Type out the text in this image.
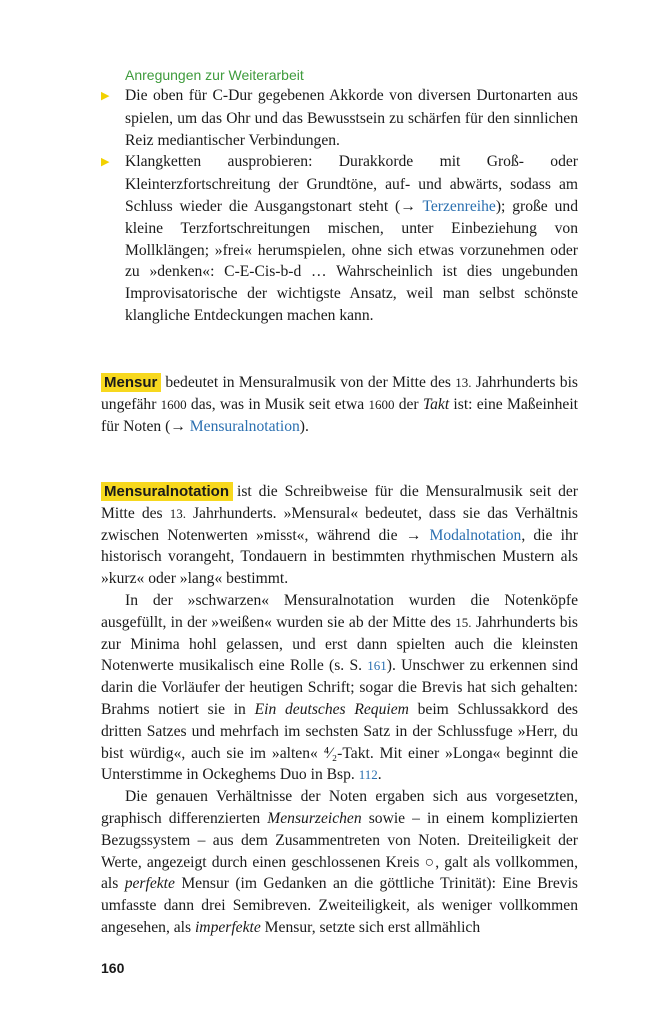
Anregungen zur Weiterarbeit

▶ Die oben für C-Dur gegebenen Akkorde von diversen Durtonarten aus spielen, um das Ohr und das Bewusstsein zu schärfen für den sinnlichen Reiz mediantischer Verbindungen.

▶ Klangketten ausprobieren: Durakkorde mit Groß- oder Kleinterzfortschreitung der Grundtöne, auf- und abwärts, sodass am Schluss wieder die Ausgangstonart steht (→ Terzenreihe); große und kleine Terzfortschreitungen mischen, unter Einbeziehung von Mollklängen; »frei« herumspielen, ohne sich etwas vorzunehmen oder zu »denken«: C-E-Cis-b-d … Wahrscheinlich ist dies ungebunden Improvisatorische der wichtigste Ansatz, weil man selbst schönste klangliche Entdeckungen machen kann.

Mensur bedeutet in Mensuralmusik von der Mitte des 13. Jahrhunderts bis ungefähr 1600 das, was in Musik seit etwa 1600 der Takt ist: eine Maßeinheit für Noten (→ Mensuralnotation).

Mensuralnotation ist die Schreibweise für die Mensuralmusik seit der Mitte des 13. Jahrhunderts. »Mensural« bedeutet, dass sie das Verhältnis zwischen Notenwerten »misst«, während die → Modalnotation, die ihr historisch vorangeht, Tondauern in bestimmten rhythmischen Mustern als »kurz« oder »lang« bestimmt.

In der »schwarzen« Mensuralnotation wurden die Notenköpfe ausgefüllt, in der »weißen« wurden sie ab der Mitte des 15. Jahrhunderts bis zur Minima hohl gelassen, und erst dann spielten auch die kleinsten Notenwerte musikalisch eine Rolle (s. S. 161). Unschwer zu erkennen sind darin die Vorläufer der heutigen Schrift; sogar die Brevis hat sich gehalten: Brahms notiert sie in Ein deutsches Requiem beim Schlussakkord des dritten Satzes und mehrfach im sechsten Satz in der Schlussfuge »Herr, du bist würdig«, auch sie im »alten« ⁴⁄₂-Takt. Mit einer »Longa« beginnt die Unterstimme in Ockeghems Duo in Bsp. 112.

Die genauen Verhältnisse der Noten ergaben sich aus vorgesetzten, graphisch differenzierten Mensurzeichen sowie – in einem komplizierten Bezugssystem – aus dem Zusammentreten von Noten. Dreiteiligkeit der Werte, angezeigt durch einen geschlossenen Kreis ○, galt als vollkommen, als perfekte Mensur (im Gedanken an die göttliche Trinität): Eine Brevis umfasste dann drei Semibreven. Zweiteiligkeit, als weniger vollkommen angesehen, als imperfekte Mensur, setzte sich erst allmählich

160
